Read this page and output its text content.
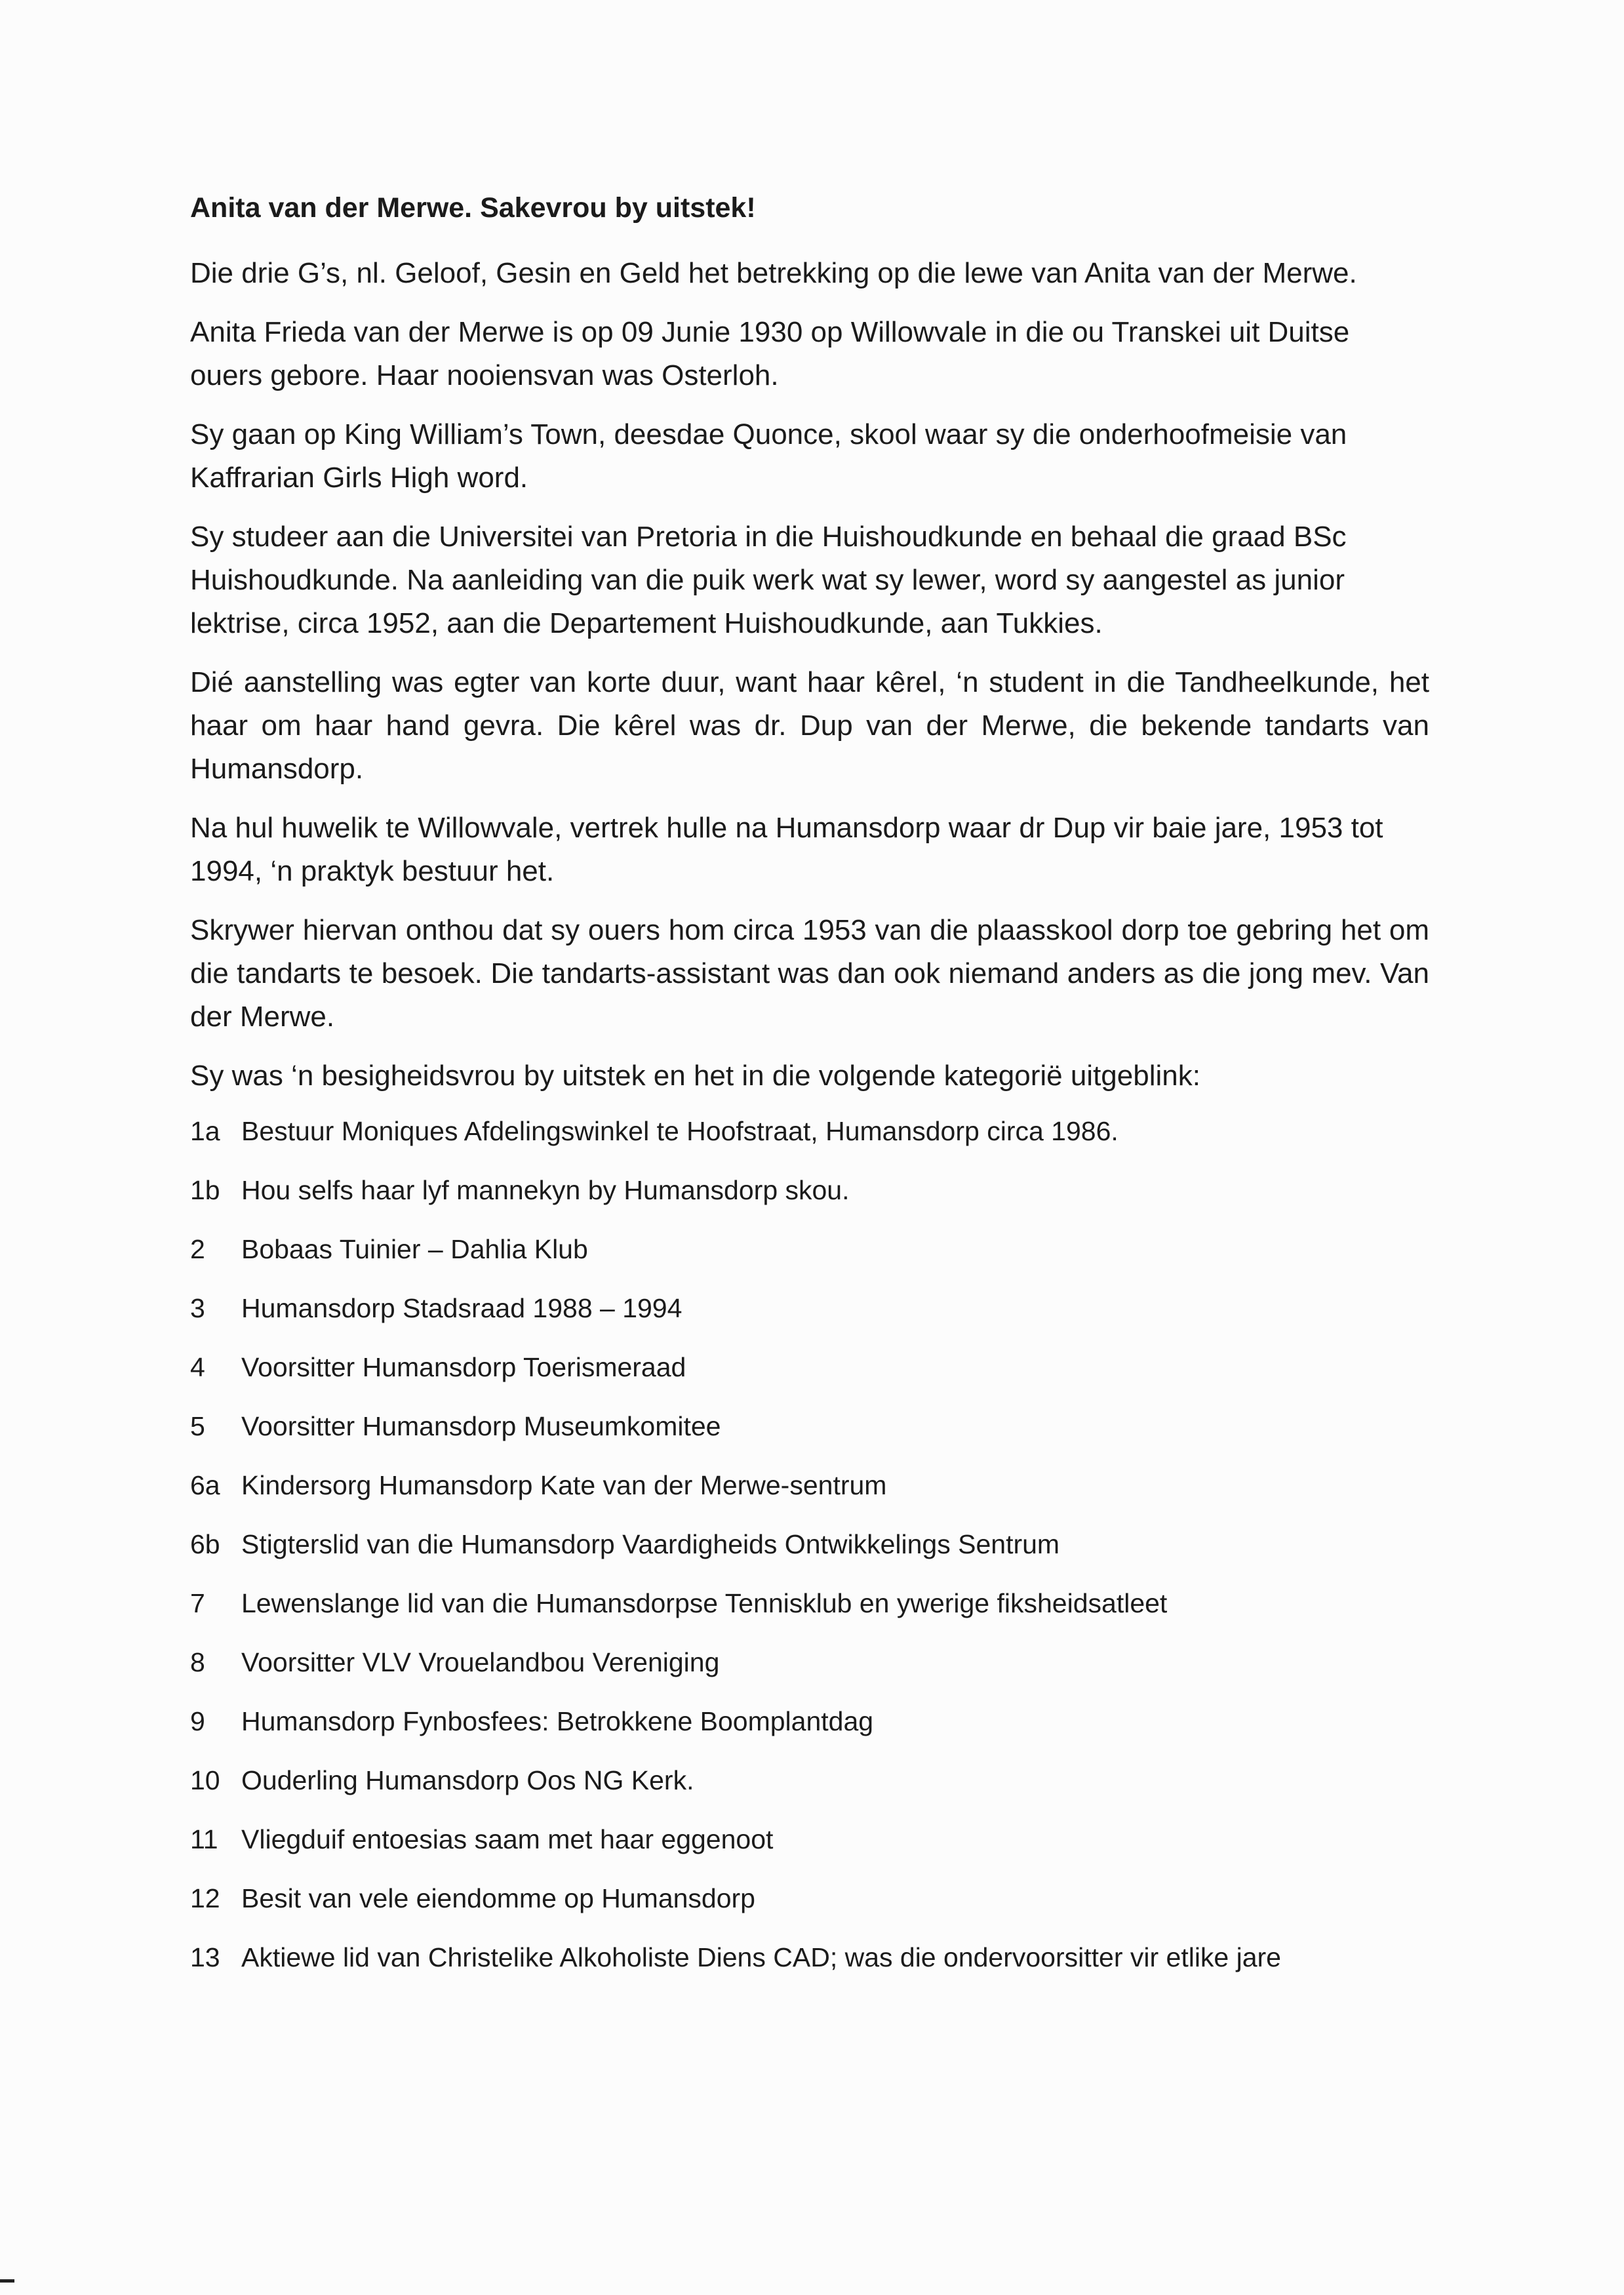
Anita van der Merwe. Sakevrou by uitstek!

Die drie G’s, nl. Geloof, Gesin en Geld het betrekking op die lewe van Anita van der Merwe.

Anita Frieda van der Merwe is op 09 Junie 1930 op Willowvale in die ou Transkei uit Duitse ouers gebore. Haar nooiensvan was Osterloh.

Sy gaan op King William’s Town, deesdae Quonce, skool waar sy die onderhoofmeisie van Kaffrarian Girls High word.

Sy studeer aan die Universitei van Pretoria in die Huishoudkunde en behaal die graad BSc Huishoudkunde. Na aanleiding van die puik werk wat sy lewer, word sy aangestel as junior lektrise, circa 1952, aan die Departement Huishoudkunde, aan Tukkies.

Dié aanstelling was egter van korte duur, want haar kêrel, ‘n student in die Tandheelkunde, het haar om haar hand gevra. Die kêrel was dr. Dup van der Merwe, die bekende tandarts van Humansdorp.

Na hul huwelik te Willowvale, vertrek hulle na Humansdorp waar dr Dup vir baie jare, 1953 tot 1994, ‘n praktyk bestuur het.

Skrywer hiervan onthou dat sy ouers hom circa 1953 van die plaasskool dorp toe gebring het om die tandarts te besoek. Die tandarts-assistant was dan ook niemand anders as die jong mev. Van der Merwe.

Sy was ‘n besigheidsvrou by uitstek en het in die volgende kategorië uitgeblink:

1a Bestuur Moniques Afdelingswinkel te Hoofstraat, Humansdorp circa 1986.
1b Hou selfs haar lyf mannekyn by Humansdorp skou.
2	Bobaas Tuinier – Dahlia Klub
3	Humansdorp Stadsraad 1988 – 1994
4	Voorsitter Humansdorp Toerismeraad
5	Voorsitter Humansdorp Museumkomitee
6a Kindersorg Humansdorp Kate van der Merwe-sentrum
6b Stigterslid van die Humansdorp Vaardigheids Ontwikkelings Sentrum
7	Lewenslange lid van die Humansdorpse Tennisklub en ywerige fiksheidsatleet
8	Voorsitter VLV Vrouelandbou Vereniging
9	Humansdorp Fynbosfees: Betrokkene Boomplantdag
10 Ouderling Humansdorp Oos NG Kerk.
11 Vliegduif entoesias saam met haar eggenoot
12 Besit van vele eiendomme op Humansdorp
13 Aktiewe lid van Christelike Alkoholiste Diens CAD; was die ondervoorsitter vir etlike jare
